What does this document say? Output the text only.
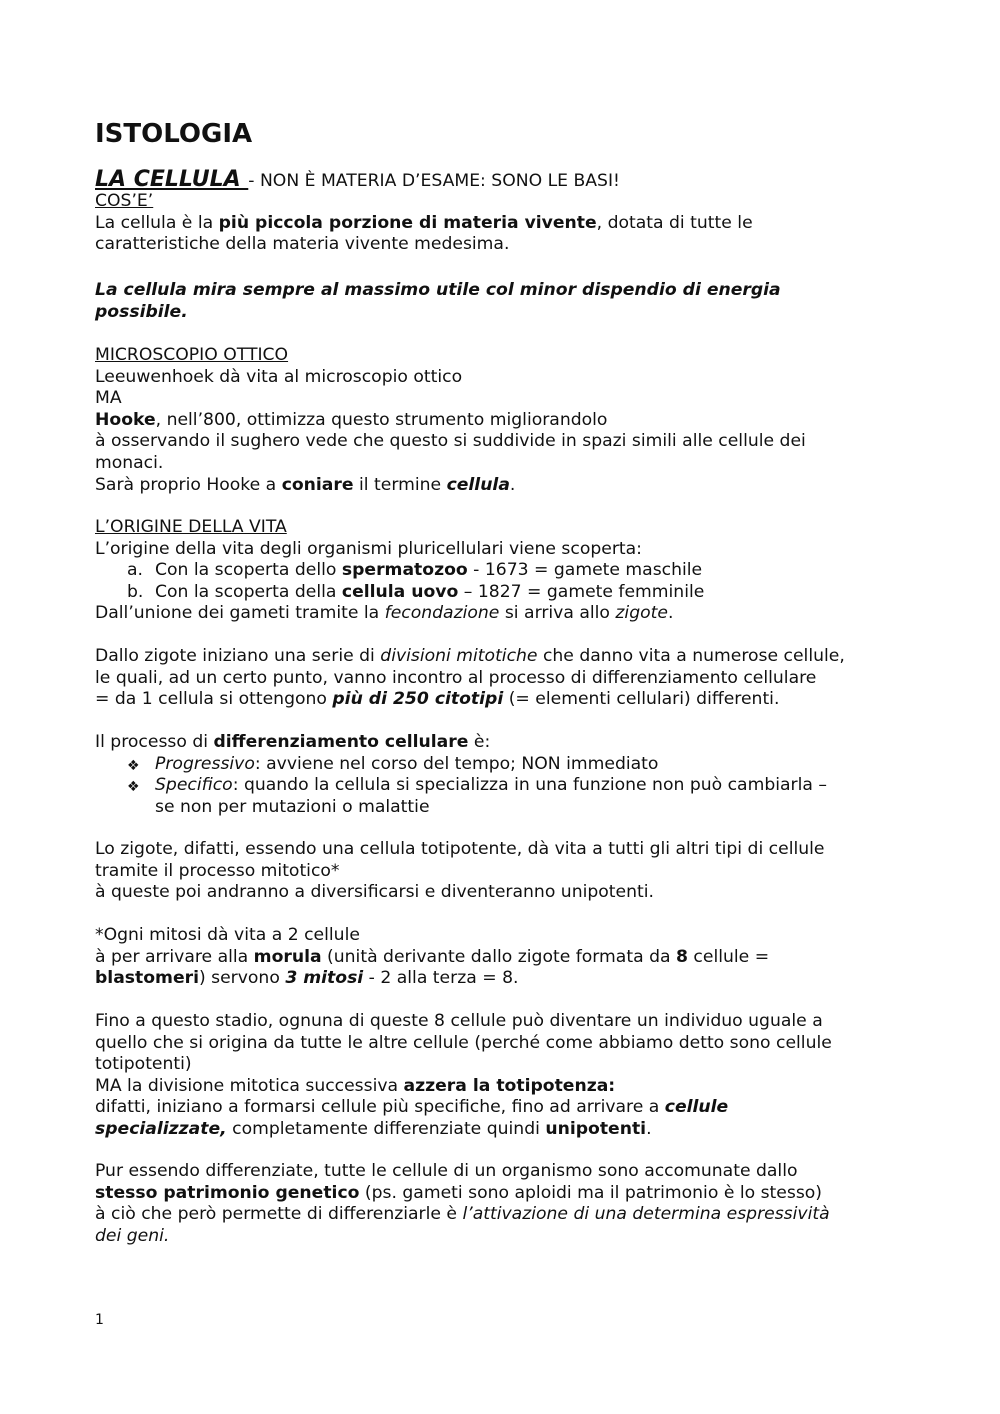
ISTOLOGIA

LA CELLULA - NON È MATERIA D’ESAME: SONO LE BASI!

COS’E’

La cellula è la più piccola porzione di materia vivente, dotata di tutte le

caratteristiche della materia vivente medesima.

La cellula mira sempre al massimo utile col minor dispendio di energia

possibile.

MICROSCOPIO OTTICO

Leeuwenhoek dà vita al microscopio ottico

MA

Hooke, nell’800, ottimizza questo strumento migliorandolo

à osservando il sughero vede che questo si suddivide in spazi simili alle cellule dei

monaci.

Sarà proprio Hooke a coniare il termine cellula.

L’ORIGINE DELLA VITA

L’origine della vita degli organismi pluricellulari viene scoperta:

a. Con la scoperta dello spermatozoo - 1673 = gamete maschile

b. Con la scoperta della cellula uovo – 1827 = gamete femminile

Dall’unione dei gameti tramite la fecondazione si arriva allo zigote.

Dallo zigote iniziano una serie di divisioni mitotiche che danno vita a numerose cellule,

le quali, ad un certo punto, vanno incontro al processo di differenziamento cellulare

= da 1 cellula si ottengono più di 250 citotipi (= elementi cellulari) differenti.

Il processo di differenziamento cellulare è:

❖ Progressivo: avviene nel corso del tempo; NON immediato

❖ Specifico: quando la cellula si specializza in una funzione non può cambiarla –

se non per mutazioni o malattie

Lo zigote, difatti, essendo una cellula totipotente, dà vita a tutti gli altri tipi di cellule

tramite il processo mitotico*

à queste poi andranno a diversificarsi e diventeranno unipotenti.

*Ogni mitosi dà vita a 2 cellule

à per arrivare alla morula (unità derivante dallo zigote formata da 8 cellule =

blastomeri) servono 3 mitosi - 2 alla terza = 8.

Fino a questo stadio, ognuna di queste 8 cellule può diventare un individuo uguale a

quello che si origina da tutte le altre cellule (perché come abbiamo detto sono cellule

totipotenti)

MA la divisione mitotica successiva azzera la totipotenza:

difatti, iniziano a formarsi cellule più specifiche, fino ad arrivare a cellule

specializzate, completamente differenziate quindi unipotenti.

Pur essendo differenziate, tutte le cellule di un organismo sono accomunate dallo

stesso patrimonio genetico (ps. gameti sono aploidi ma il patrimonio è lo stesso)

à ciò che però permette di differenziarle è l’attivazione di una determina espressività

dei geni.

1
